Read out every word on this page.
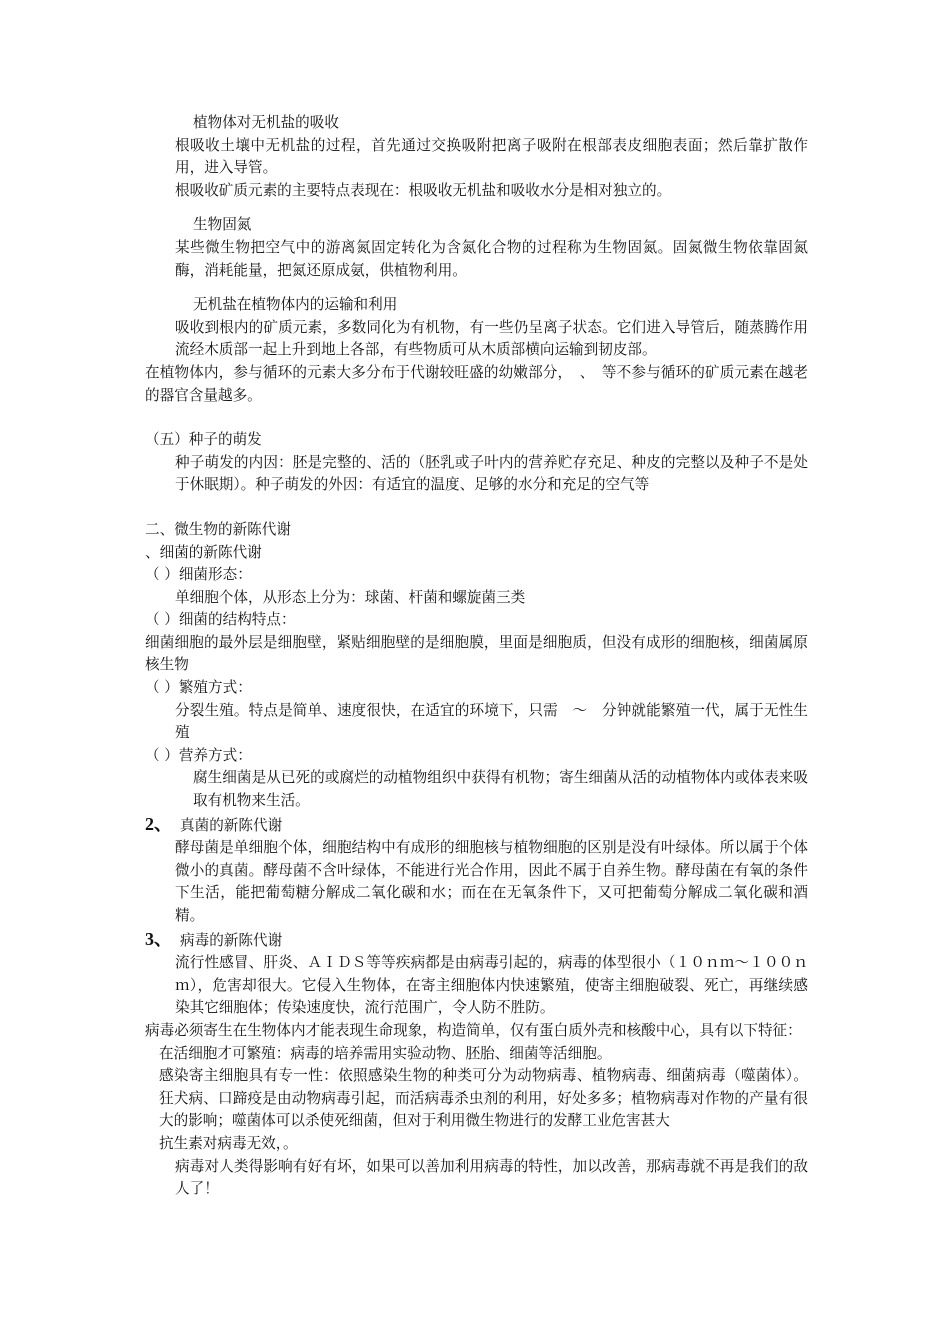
植物体对无机盐的吸收
根吸收土壤中无机盐的过程，首先通过交换吸附把离子吸附在根部表皮细胞表面；然后靠扩散作用，进入导管。
根吸收矿质元素的主要特点表现在：根吸收无机盐和吸收水分是相对独立的。
生物固氮
某些微生物把空气中的游离氮固定转化为含氮化合物的过程称为生物固氮。固氮微生物依靠固氮酶，消耗能量，把氮还原成氨，供植物利用。
无机盐在植物体内的运输和利用
吸收到根内的矿质元素，多数同化为有机物，有一些仍呈离子状态。它们进入导管后，随蒸腾作用流经木质部一起上升到地上各部，有些物质可从木质部横向运输到韧皮部。
在植物体内，参与循环的元素大多分布于代谢较旺盛的幼嫩部分，　、　等不参与循环的矿质元素在越老的器官含量越多。
（五）种子的萌发
种子萌发的内因：胚是完整的、活的（胚乳或子叶内的营养贮存充足、种皮的完整以及种子不是处于休眠期）。种子萌发的外因：有适宜的温度、足够的水分和充足的空气等
二、微生物的新陈代谢
、细菌的新陈代谢
（ ）细菌形态：
单细胞个体，从形态上分为：球菌、杆菌和螺旋菌三类
（ ）细菌的结构特点：
细菌细胞的最外层是细胞壁，紧贴细胞壁的是细胞膜，里面是细胞质，但没有成形的细胞核，细菌属原核生物
（ ）繁殖方式：
分裂生殖。特点是简单、速度很快，在适宜的环境下，只需　～　分钟就能繁殖一代，属于无性生殖
（ ）营养方式：
腐生细菌是从已死的或腐烂的动植物组织中获得有机物；寄生细菌从活的动植物体内或体表来吸取有机物来生活。
2、 真菌的新陈代谢
酵母菌是单细胞个体，细胞结构中有成形的细胞核与植物细胞的区别是没有叶绿体。所以属于个体微小的真菌。酵母菌不含叶绿体，不能进行光合作用，因此不属于自养生物。酵母菌在有氧的条件下生活，能把葡萄糖分解成二氧化碳和水；而在在无氧条件下，又可把葡萄分解成二氧化碳和酒精。
3、 病毒的新陈代谢
流行性感冒、肝炎、ＡＩＤＳ等等疾病都是由病毒引起的，病毒的体型很小（１０ｎｍ～１００ｎｍ），危害却很大。它侵入生物体，在寄主细胞体内快速繁殖，使寄主细胞破裂、死亡，再继续感染其它细胞体；传染速度快，流行范围广，令人防不胜防。
病毒必须寄生在生物体内才能表现生命现象，构造简单，仅有蛋白质外壳和核酸中心，具有以下特征：
在活细胞才可繁殖：病毒的培养需用实验动物、胚胎、细菌等活细胞。
感染寄主细胞具有专一性：依照感染生物的种类可分为动物病毒、植物病毒、细菌病毒（噬菌体）。狂犬病、口蹄疫是由动物病毒引起，而活病毒杀虫剂的利用，好处多多；植物病毒对作物的产量有很大的影响；噬菌体可以杀使死细菌，但对于利用微生物进行的发酵工业危害甚大
抗生素对病毒无效，。
病毒对人类得影响有好有坏，如果可以善加利用病毒的特性，加以改善，那病毒就不再是我们的敌人了！
